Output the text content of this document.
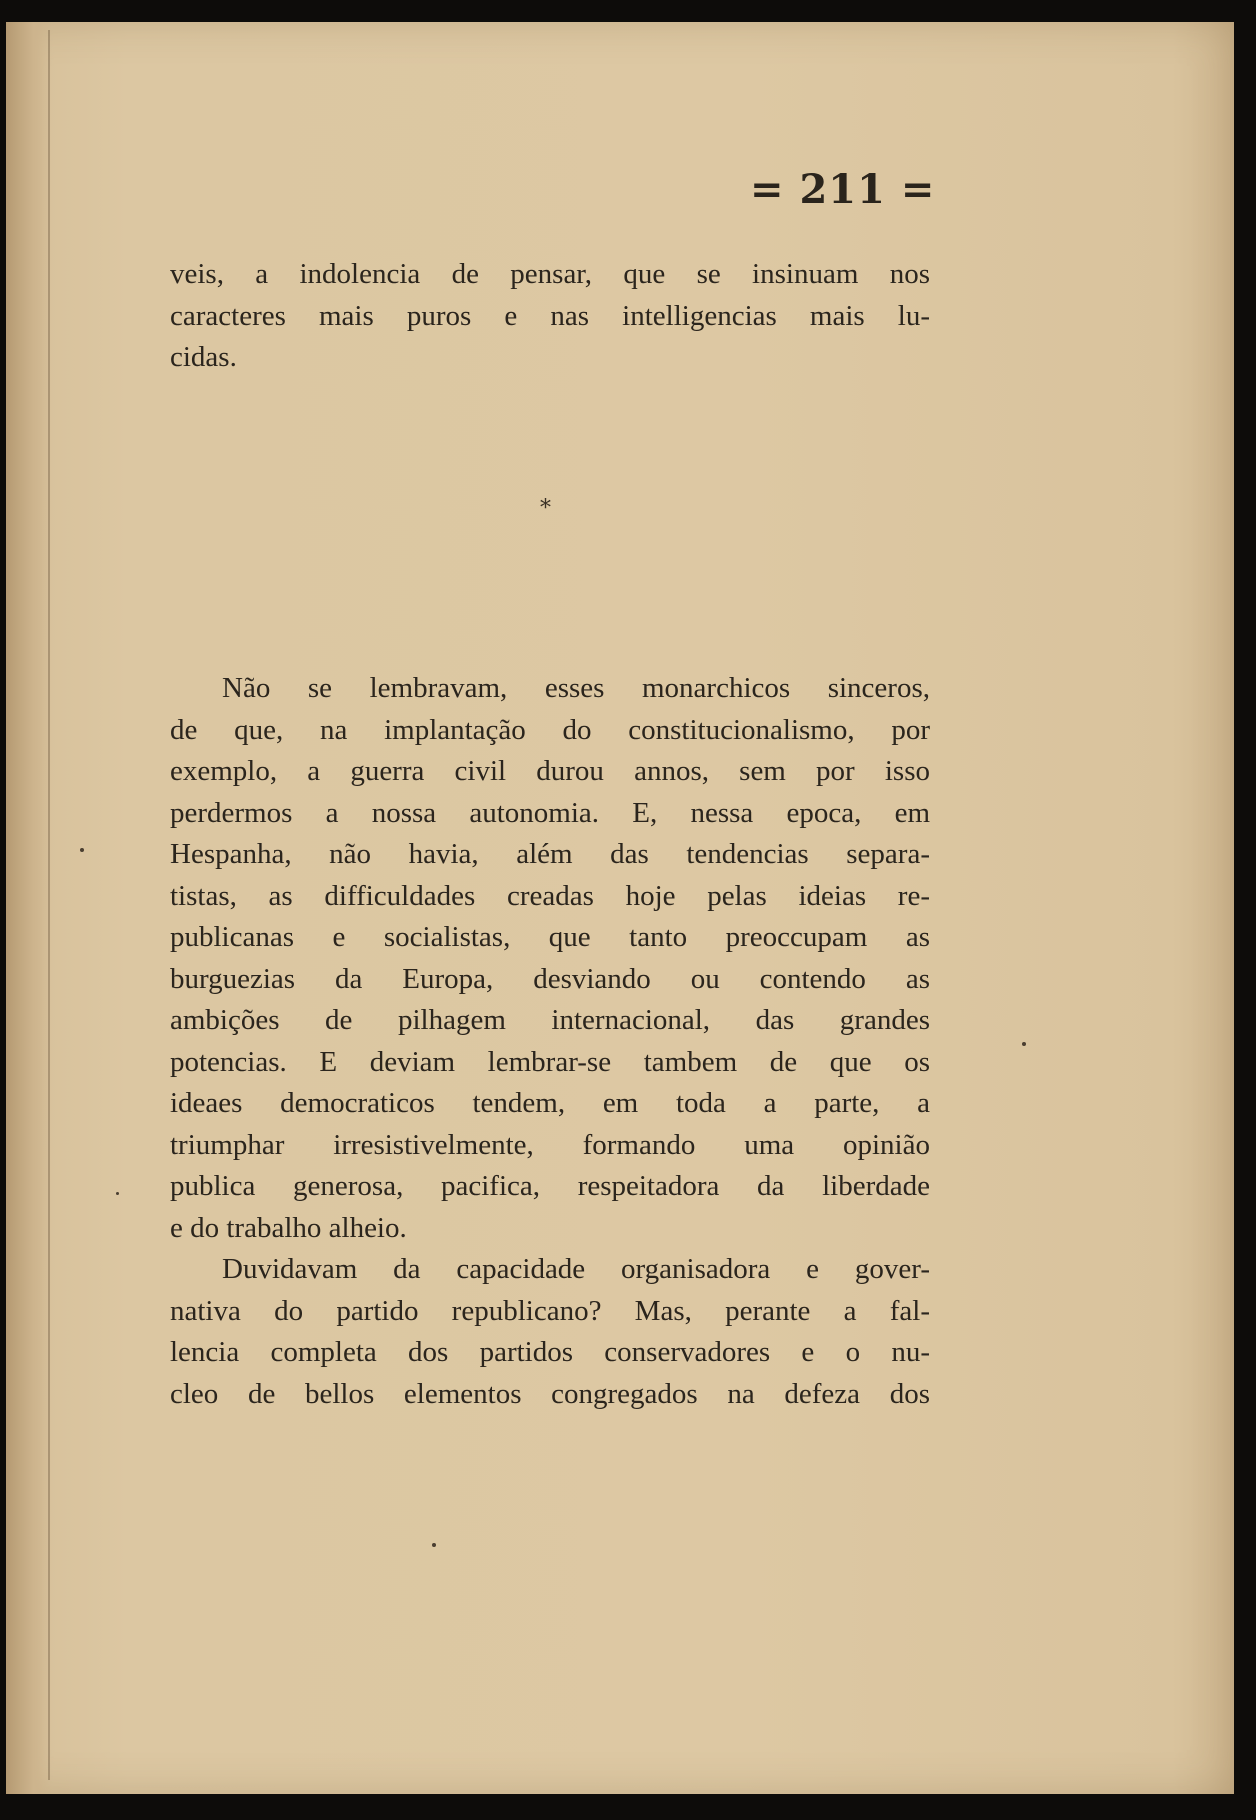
= 211 =
veis, a indolencia de pensar, que se insinuam nos
caracteres mais puros e nas intelligencias mais lu-
cidas.
*
Não se lembravam, esses monarchicos sinceros,
de que, na implantação do constitucionalismo, por
exemplo, a guerra civil durou annos, sem por isso
perdermos a nossa autonomia. E, nessa epoca, em
Hespanha, não havia, além das tendencias separa-
tistas, as difficuldades creadas hoje pelas ideias re-
publicanas e socialistas, que tanto preoccupam as
burguezias da Europa, desviando ou contendo as
ambições de pilhagem internacional, das grandes
potencias. E deviam lembrar-se tambem de que os
ideaes democraticos tendem, em toda a parte, a
triumphar irresistivelmente, formando uma opinião
publica generosa, pacifica, respeitadora da liberdade
e do trabalho alheio.
Duvidavam da capacidade organisadora e gover-
nativa do partido republicano? Mas, perante a fal-
lencia completa dos partidos conservadores e o nu-
cleo de bellos elementos congregados na defeza dos
